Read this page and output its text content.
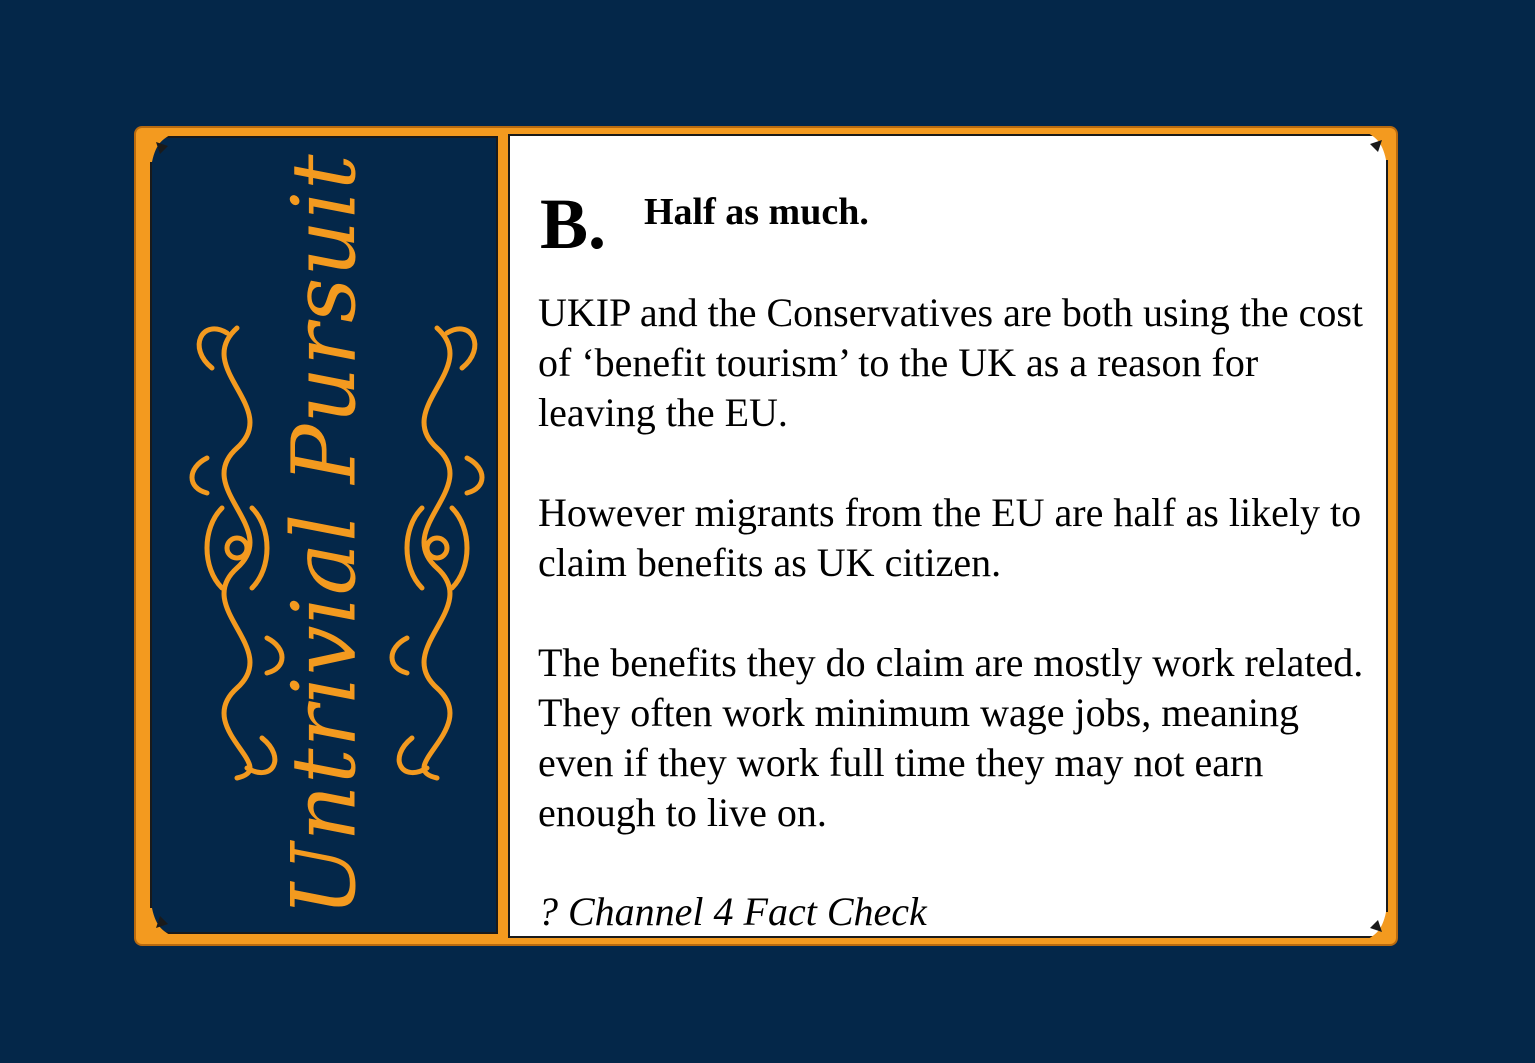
Untrivial Pursuit B. Half as much.
UKIP and the Conservatives are both using the cost of ‘benefit tourism’ to the UK as a reason for leaving the EU.
However migrants from the EU are half as likely to claim benefits as UK citizen.
The benefits they do claim are mostly work related. They often work minimum wage jobs, meaning even if they work full time they may not earn enough to live on.
? Channel 4 Fact Check
